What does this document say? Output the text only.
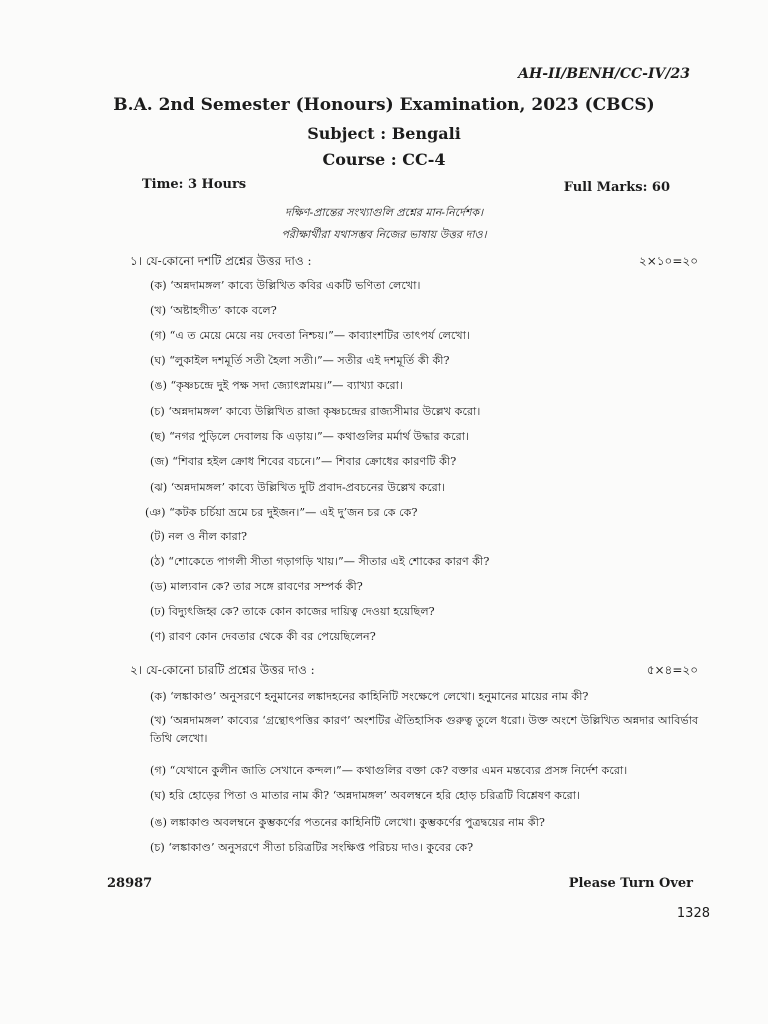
AH-II/BENH/CC-IV/23
B.A. 2nd Semester (Honours) Examination, 2023 (CBCS)
Subject : Bengali
Course : CC-4
Time: 3 Hours	Full Marks: 60
দক্ষিণ-প্রান্তের সংখ্যাগুলি প্রশ্নের মান-নির্দেশক।
পরীক্ষার্থীরা যথাসম্ভব নিজের ভাষায় উত্তর দাও।
১। যে-কোনো দশটি প্রশ্নের উত্তর দাও :	২×১০=২০
(ক) ‘অন্নদামঙ্গল’ কাব্যে উল্লিখিত কবির একটি ভণিতা লেখো।
(খ) ‘অষ্টাহগীত’ কাকে বলে?
(গ) “এ ত মেয়ে মেয়ে নয় দেবতা নিশ্চয়।”— কাব্যাংশটির তাৎপর্য লেখো।
(ঘ) “লুকাইল দশমূর্তি সতী হৈলা সতী।”— সতীর এই দশমূর্তি কী কী?
(ঙ) “কৃষ্ণচন্দ্রে দুই পক্ষ সদা জ্যোৎস্নাময়।”— ব্যাখ্যা করো।
(চ) ‘অন্নদামঙ্গল’ কাব্যে উল্লিখিত রাজা কৃষ্ণচন্দ্রের রাজ্যসীমার উল্লেখ করো।
(ছ) “নগর পুড়িলে দেবালয় কি এড়ায়।”— কথাগুলির মর্মার্থ উদ্ধার করো।
(জ) “শিবার হইল ক্রোধ শিবের বচনে।”— শিবার ক্রোধের কারণটি কী?
(ঝ) ‘অন্নদামঙ্গল’ কাব্যে উল্লিখিত দুটি প্রবাদ-প্রবচনের উল্লেখ করো।
(ঞ) “কটক চর্চিয়া ভ্রমে চর দুইজন।”— এই দু’জন চর কে কে?
(ট) নল ও নীল কারা?
(ঠ) “শোকেতে পাগলী সীতা গড়াগড়ি খায়।”— সীতার এই শোকের কারণ কী?
(ড) মাল্যবান কে? তার সঙ্গে রাবণের সম্পর্ক কী?
(ঢ) বিদ্যুৎজিহ্ব কে? তাকে কোন কাজের দায়িত্ব দেওয়া হয়েছিল?
(ণ) রাবণ কোন দেবতার থেকে কী বর পেয়েছিলেন?
২। যে-কোনো চারটি প্রশ্নের উত্তর দাও :	৫×৪=২০
(ক) ‘লঙ্কাকাণ্ড’ অনুসরণে হনুমানের লঙ্কাদহনের কাহিনিটি সংক্ষেপে লেখো। হনুমানের মায়ের নাম কী?
(খ) ‘অন্নদামঙ্গল’ কাব্যের ‘গ্রন্থোৎপত্তির কারণ’ অংশটির ঐতিহাসিক গুরুত্ব তুলে ধরো। উক্ত অংশে উল্লিখিত অন্নদার আবির্ভাব তিথি লেখো।
(গ) “যেখানে কুলীন জাতি সেখানে কন্দল।”— কথাগুলির বক্তা কে? বক্তার এমন মন্তব্যের প্রসঙ্গ নির্দেশ করো।
(ঘ) হরি হোড়ের পিতা ও মাতার নাম কী? ‘অন্নদামঙ্গল’ অবলম্বনে হরি হোড় চরিত্রটি বিশ্লেষণ করো।
(ঙ) লঙ্কাকাণ্ড অবলম্বনে কুম্ভকর্ণের পতনের কাহিনিটি লেখো। কুম্ভকর্ণের পুত্রদ্বয়ের নাম কী?
(চ) ‘লঙ্কাকাণ্ড’ অনুসরণে সীতা চরিত্রটির সংক্ষিপ্ত পরিচয় দাও। কুবের কে?
28987	Please Turn Over
1328
